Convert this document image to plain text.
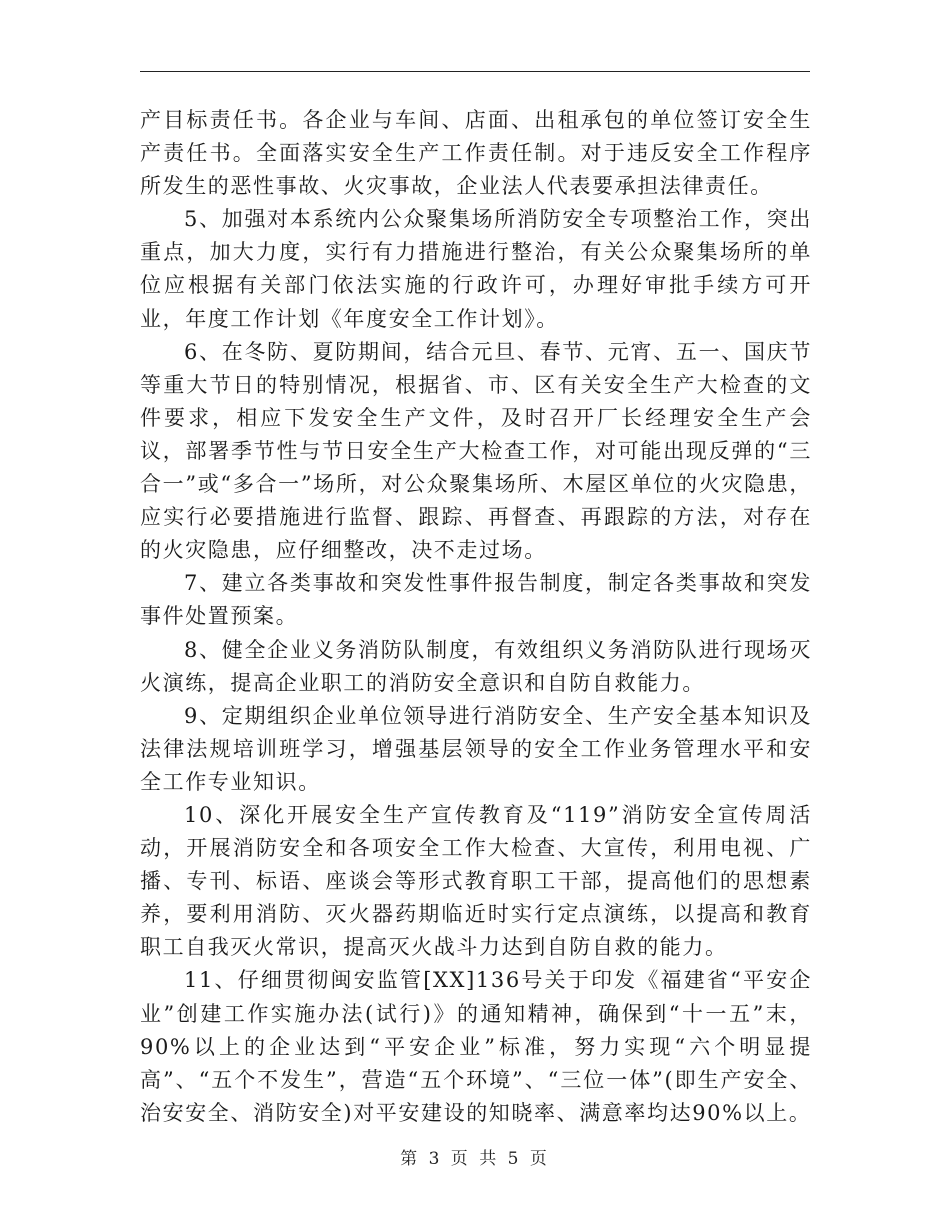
产目标责任书。各企业与车间、店面、出租承包的单位签订安全生产责任书。全面落实安全生产工作责任制。对于违反安全工作程序所发生的恶性事故、火灾事故，企业法人代表要承担法律责任。

5、加强对本系统内公众聚集场所消防安全专项整治工作，突出重点，加大力度，实行有力措施进行整治，有关公众聚集场所的单位应根据有关部门依法实施的行政许可，办理好审批手续方可开业，年度工作计划《年度安全工作计划》。

6、在冬防、夏防期间，结合元旦、春节、元宵、五一、国庆节等重大节日的特别情况，根据省、市、区有关安全生产大检查的文件要求，相应下发安全生产文件，及时召开厂长经理安全生产会议，部署季节性与节日安全生产大检查工作，对可能出现反弹的“三合一”或“多合一”场所，对公众聚集场所、木屋区单位的火灾隐患，应实行必要措施进行监督、跟踪、再督查、再跟踪的方法，对存在的火灾隐患，应仔细整改，决不走过场。

7、建立各类事故和突发性事件报告制度，制定各类事故和突发事件处置预案。

8、健全企业义务消防队制度，有效组织义务消防队进行现场灭火演练，提高企业职工的消防安全意识和自防自救能力。

9、定期组织企业单位领导进行消防安全、生产安全基本知识及法律法规培训班学习，增强基层领导的安全工作业务管理水平和安全工作专业知识。

10、深化开展安全生产宣传教育及“119”消防安全宣传周活动，开展消防安全和各项安全工作大检查、大宣传，利用电视、广播、专刊、标语、座谈会等形式教育职工干部，提高他们的思想素养，要利用消防、灭火器药期临近时实行定点演练，以提高和教育职工自我灭火常识，提高灭火战斗力达到自防自救的能力。

11、仔细贯彻闽安监管[XX]136号关于印发《福建省“平安企业”创建工作实施办法(试行)》的通知精神，确保到“十一五”末，90%以上的企业达到“平安企业”标准，努力实现“六个明显提高”、“五个不发生”，营造“五个环境”、“三位一体”(即生产安全、治安安全、消防安全)对平安建设的知晓率、满意率均达90%以上。

第 3 页 共 5 页
